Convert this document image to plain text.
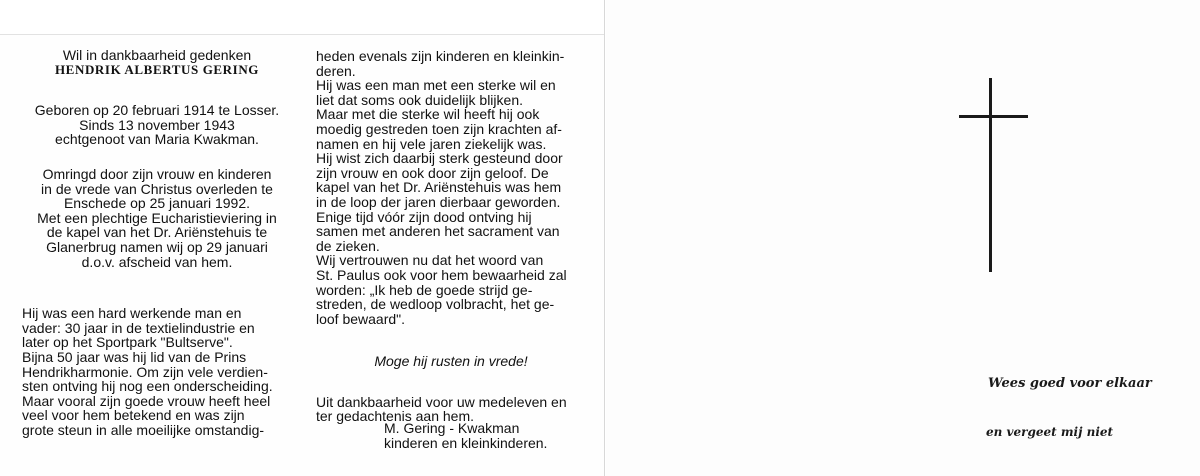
Wil in dankbaarheid gedenken

HENDRIK ALBERTUS GERING

Geboren op 20 februari 1914 te Losser.
Sinds 13 november 1943
echtgenoot van Maria Kwakman.
Omringd door zijn vrouw en kinderen
in de vrede van Christus overleden te
Enschede op 25 januari 1992.
Met een plechtige Eucharistieviering in
de kapel van het Dr. Ariënstehuis te
Glanerbrug namen wij op 29 januari
d.o.v. afscheid van hem.
Hij was een hard werkende man en
vader: 30 jaar in de textielindustrie en
later op het Sportpark "Bultserve".
Bijna 50 jaar was hij lid van de Prins
Hendrikharmonie. Om zijn vele verdien-
sten ontving hij nog een onderscheiding.
Maar vooral zijn goede vrouw heeft heel
veel voor hem betekend en was zijn
grote steun in alle moeilijke omstandig-
heden evenals zijn kinderen en kleinkin-
deren.
Hij was een man met een sterke wil en
liet dat soms ook duidelijk blijken.
Maar met die sterke wil heeft hij ook
moedig gestreden toen zijn krachten af-
namen en hij vele jaren ziekelijk was.
Hij wist zich daarbij sterk gesteund door
zijn vrouw en ook door zijn geloof. De
kapel van het Dr. Ariënstehuis was hem
in de loop der jaren dierbaar geworden.
Enige tijd vóór zijn dood ontving hij
samen met anderen het sacrament van
de zieken.
Wij vertrouwen nu dat het woord van
St. Paulus ook voor hem bewaarheid zal
worden: „Ik heb de goede strijd ge-
streden, de wedloop volbracht, het ge-
loof bewaard".

Moge hij rusten in vrede!

Uit dankbaarheid voor uw medeleven en
ter gedachtenis aan hem.
M. Gering - Kwakman
kinderen en kleinkinderen.
Wees goed voor elkaar
en vergeet mij niet
